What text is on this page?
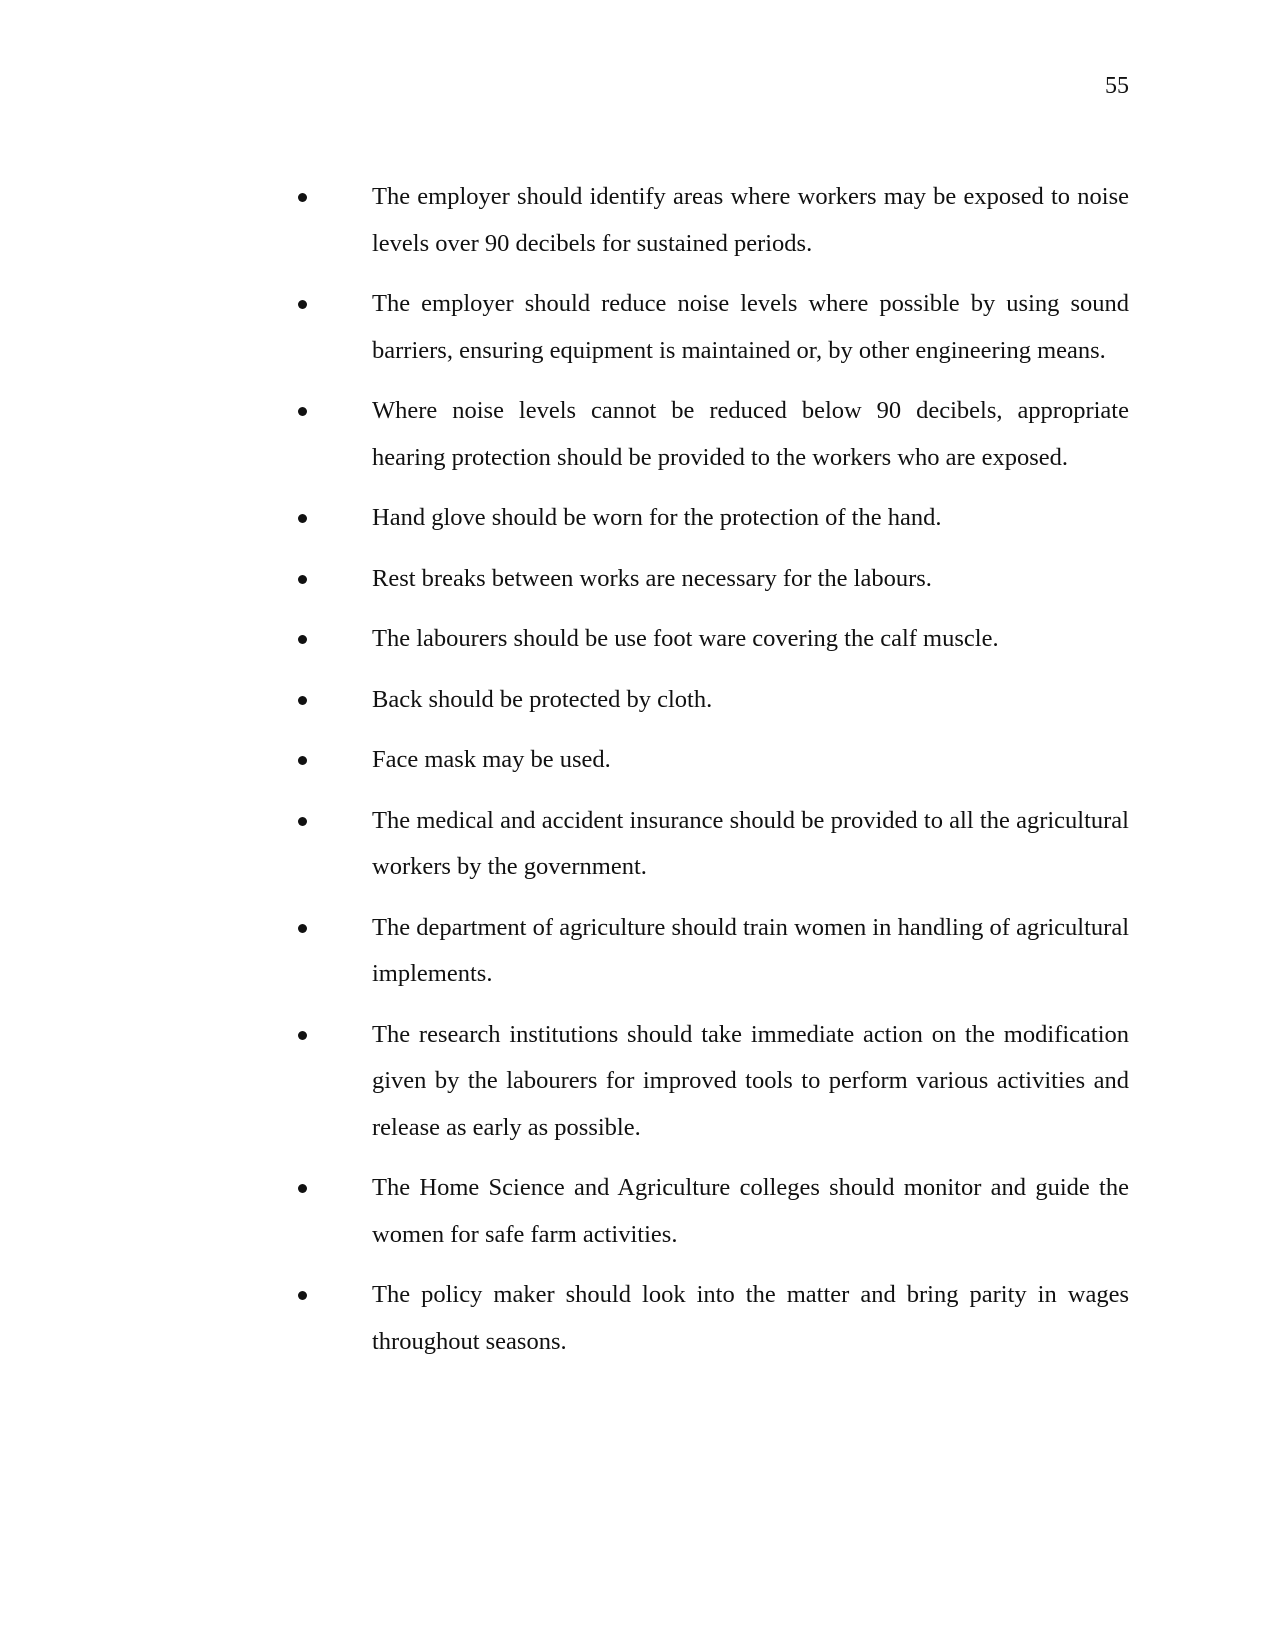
55
The employer should identify areas where workers may be exposed to noise levels over 90 decibels for sustained periods.
The employer should reduce noise levels where possible by using sound barriers, ensuring equipment is maintained or, by other engineering means.
Where noise levels cannot be reduced below 90 decibels, appropriate hearing protection should be provided to the workers who are exposed.
Hand glove should be worn for the protection of the hand.
Rest breaks between works are necessary for the labours.
The labourers should be use foot ware covering the calf muscle.
Back should be protected by cloth.
Face mask may be used.
The medical and accident insurance should be provided to all the agricultural workers by the government.
The department of agriculture should train women in handling of agricultural implements.
The research institutions should take immediate action on the modification given by the labourers for improved tools to perform various activities and release as early as possible.
The Home Science and Agriculture colleges should monitor and guide the women for safe farm activities.
The policy maker should look into the matter and bring parity in wages throughout seasons.
